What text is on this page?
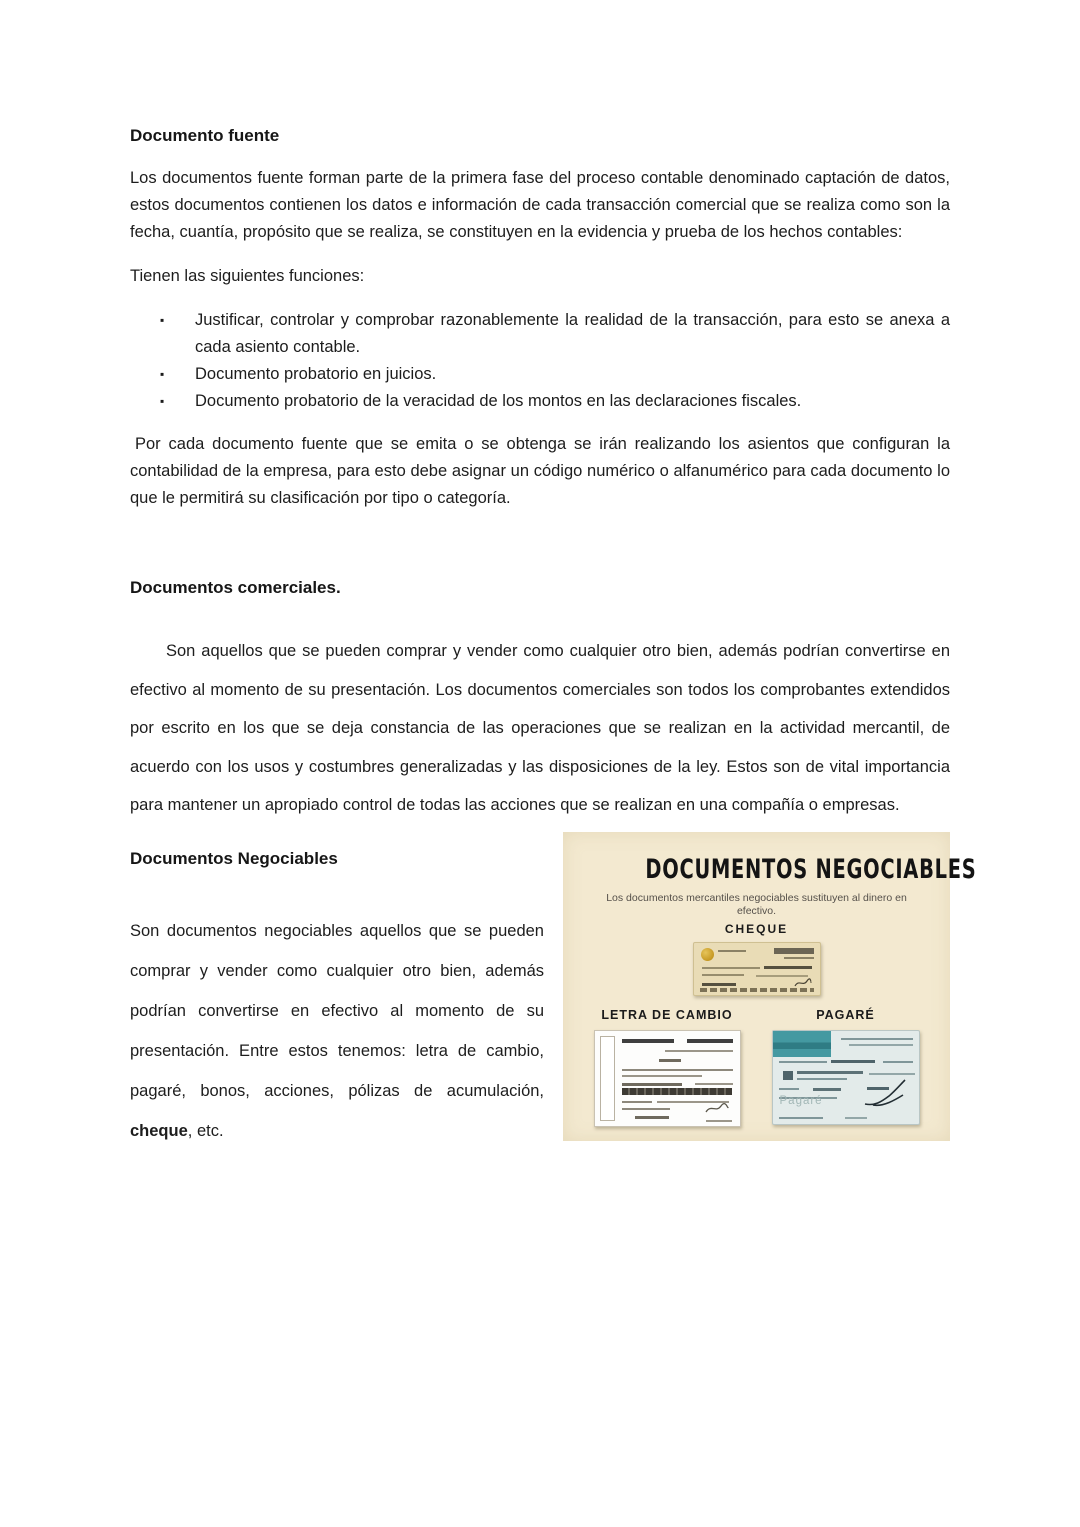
Documento fuente

Los documentos fuente forman parte de la primera fase del proceso contable denominado captación de datos, estos documentos contienen los datos e información de cada transacción comercial que se realiza como son la fecha, cuantía, propósito que se realiza, se constituyen en la evidencia y prueba de los hechos contables:

Tienen las siguientes funciones:

▪ Justificar, controlar y comprobar razonablemente la realidad de la transacción, para esto se anexa a cada asiento contable.
▪ Documento probatorio en juicios.
▪ Documento probatorio de la veracidad de los montos en las declaraciones fiscales.

Por cada documento fuente que se emita o se obtenga se irán realizando los asientos que configuran la contabilidad de la empresa, para esto debe asignar un código numérico o alfanumérico para cada documento lo que le permitirá su clasificación por tipo o categoría.

Documentos comerciales.

Son aquellos que se pueden comprar y vender como cualquier otro bien, además podrían convertirse en efectivo al momento de su presentación. Los documentos comerciales son todos los comprobantes extendidos por escrito en los que se deja constancia de las operaciones que se realizan en la actividad mercantil, de acuerdo con los usos y costumbres generalizadas y las disposiciones de la ley. Estos son de vital importancia para mantener un apropiado control de todas las acciones que se realizan en una compañía o empresas.

Documentos Negociables

Son documentos negociables aquellos que se pueden comprar y vender como cualquier otro bien, además podrían convertirse en efectivo al momento de su presentación. Entre estos tenemos: letra de cambio, pagaré, bonos, acciones, pólizas de acumulación, cheque, etc.

DOCUMENTOS NEGOCIABLES
Los documentos mercantiles negociables sustituyen al dinero en efectivo.
CHEQUE
LETRA DE CAMBIO	PAGARÉ
Pagaré
